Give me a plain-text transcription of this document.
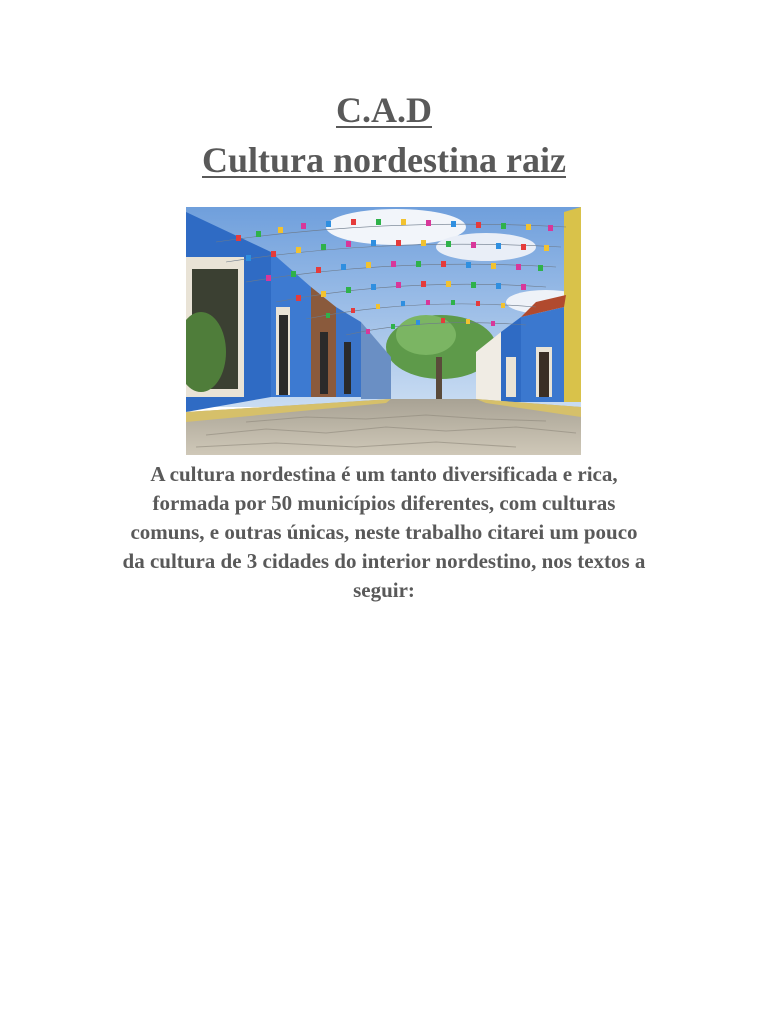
C.A.D
Cultura nordestina raiz
A cultura nordestina é um tanto diversificada e rica,
formada por 50 municípios diferentes, com culturas
comuns, e outras únicas, neste trabalho citarei um pouco
da cultura de 3 cidades do interior nordestino, nos textos a
seguir:
